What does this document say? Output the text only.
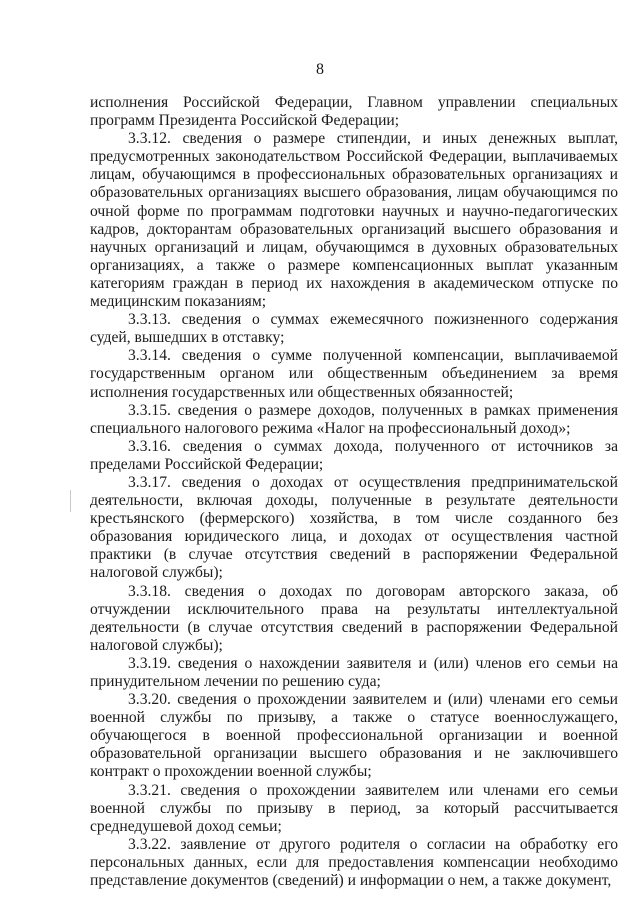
8

исполнения Российской Федерации, Главном управлении специальных программ Президента Российской Федерации;

3.3.12. сведения о размере стипендии, и иных денежных выплат, предусмотренных законодательством Российской Федерации, выплачиваемых лицам, обучающимся в профессиональных образовательных организациях и образовательных организациях высшего образования, лицам обучающимся по очной форме по программам подготовки научных и научно-педагогических кадров, докторантам образовательных организаций высшего образования и научных организаций и лицам, обучающимся в духовных образовательных организациях, а также о размере компенсационных выплат указанным категориям граждан в период их нахождения в академическом отпуске по медицинским показаниям;

3.3.13. сведения о суммах ежемесячного пожизненного содержания судей, вышедших в отставку;

3.3.14. сведения о сумме полученной компенсации, выплачиваемой государственным органом или общественным объединением за время исполнения государственных или общественных обязанностей;

3.3.15. сведения о размере доходов, полученных в рамках применения специального налогового режима «Налог на профессиональный доход»;

3.3.16. сведения о суммах дохода, полученного от источников за пределами Российской Федерации;

3.3.17. сведения о доходах от осуществления предпринимательской деятельности, включая доходы, полученные в результате деятельности крестьянского (фермерского) хозяйства, в том числе созданного без образования юридического лица, и доходах от осуществления частной практики (в случае отсутствия сведений в распоряжении Федеральной налоговой службы);

3.3.18. сведения о доходах по договорам авторского заказа, об отчуждении исключительного права на результаты интеллектуальной деятельности (в случае отсутствия сведений в распоряжении Федеральной налоговой службы);

3.3.19. сведения о нахождении заявителя и (или) членов его семьи на принудительном лечении по решению суда;

3.3.20. сведения о прохождении заявителем и (или) членами его семьи военной службы по призыву, а также о статусе военнослужащего, обучающегося в военной профессиональной организации и военной образовательной организации высшего образования и не заключившего контракт о прохождении военной службы;

3.3.21. сведения о прохождении заявителем или членами его семьи военной службы по призыву в период, за который рассчитывается среднедушевой доход семьи;

3.3.22. заявление от другого родителя о согласии на обработку его персональных данных, если для предоставления компенсации необходимо представление документов (сведений) и информации о нем, а также документ,
